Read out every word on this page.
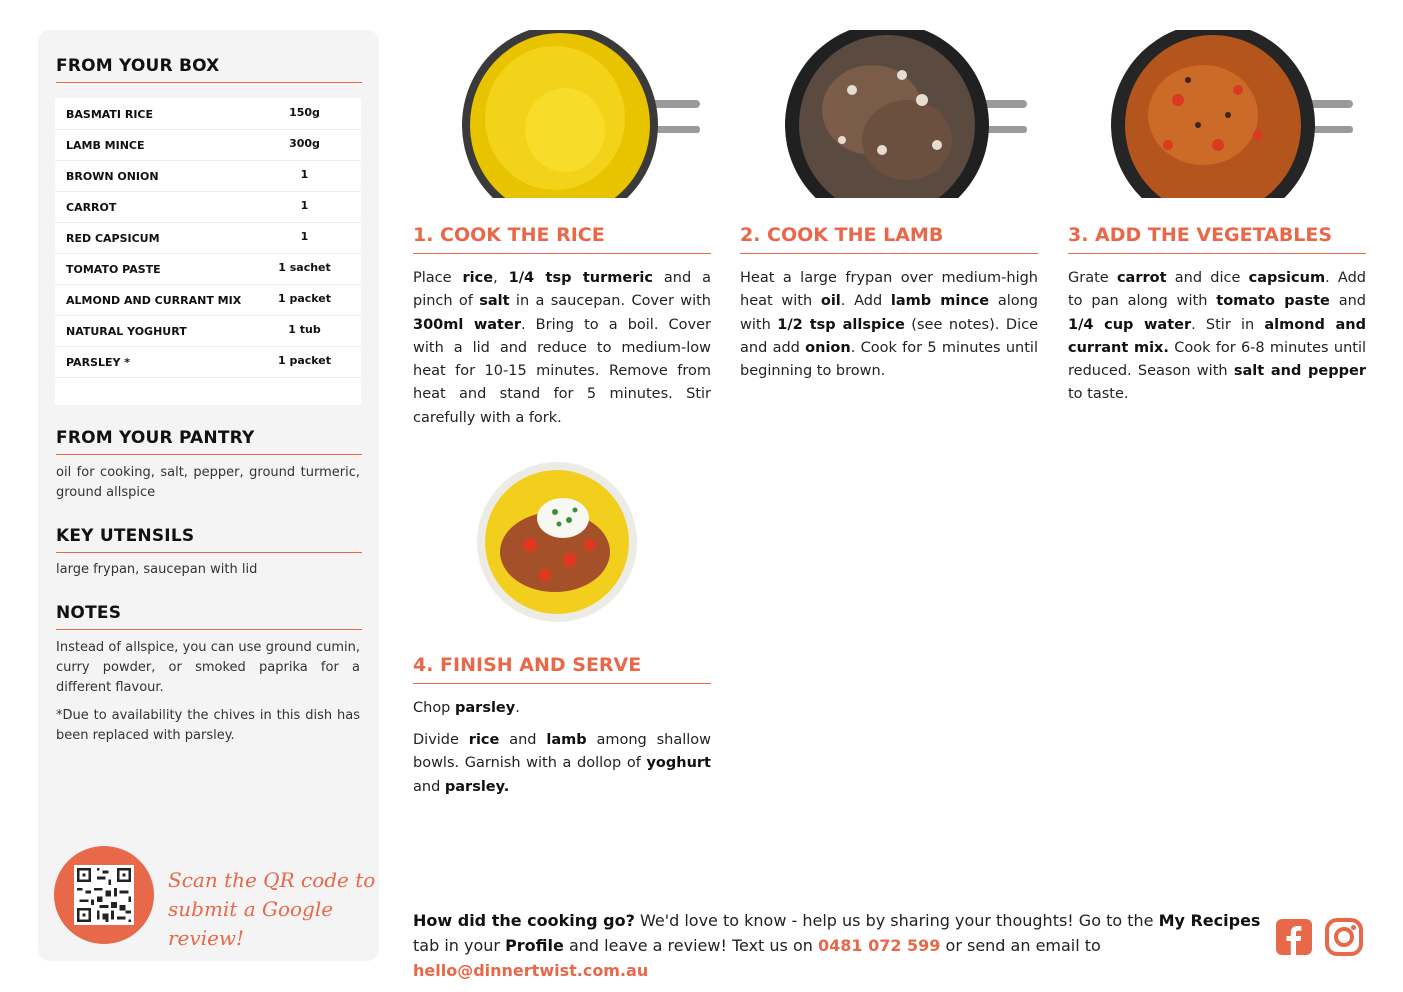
FROM YOUR BOX
BASMATI RICE	150g
LAMB MINCE	300g
BROWN ONION	1
CARROT	1
RED CAPSICUM	1
TOMATO PASTE	1 sachet
ALMOND AND CURRANT MIX	1 packet
NATURAL YOGHURT	1 tub
PARSLEY *	1 packet
FROM YOUR PANTRY
oil for cooking, salt, pepper, ground turmeric, ground allspice
KEY UTENSILS
large frypan, saucepan with lid
NOTES
Instead of allspice, you can use ground cumin, curry powder, or smoked paprika for a different flavour.
*Due to availability the chives in this dish has been replaced with parsley.
Scan the QR code to
submit a Google review!
1. COOK THE RICE
Place rice, 1/4 tsp turmeric and a pinch of salt in a saucepan. Cover with 300ml water. Bring to a boil. Cover with a lid and reduce to medium-low heat for 10-15 minutes. Remove from heat and stand for 5 minutes. Stir carefully with a fork.
2. COOK THE LAMB
Heat a large frypan over medium-high heat with oil. Add lamb mince along with 1/2 tsp allspice (see notes). Dice and add onion. Cook for 5 minutes until beginning to brown.
3. ADD THE VEGETABLES
Grate carrot and dice capsicum. Add to pan along with tomato paste and 1/4 cup water. Stir in almond and currant mix. Cook for 6-8 minutes until reduced. Season with salt and pepper to taste.
4. FINISH AND SERVE
Chop parsley.
Divide rice and lamb among shallow bowls. Garnish with a dollop of yoghurt and parsley.
How did the cooking go? We'd love to know - help us by sharing your thoughts! Go to the My Recipes tab in your Profile and leave a review! Text us on 0481 072 599 or send an email to hello@dinnertwist.com.au
